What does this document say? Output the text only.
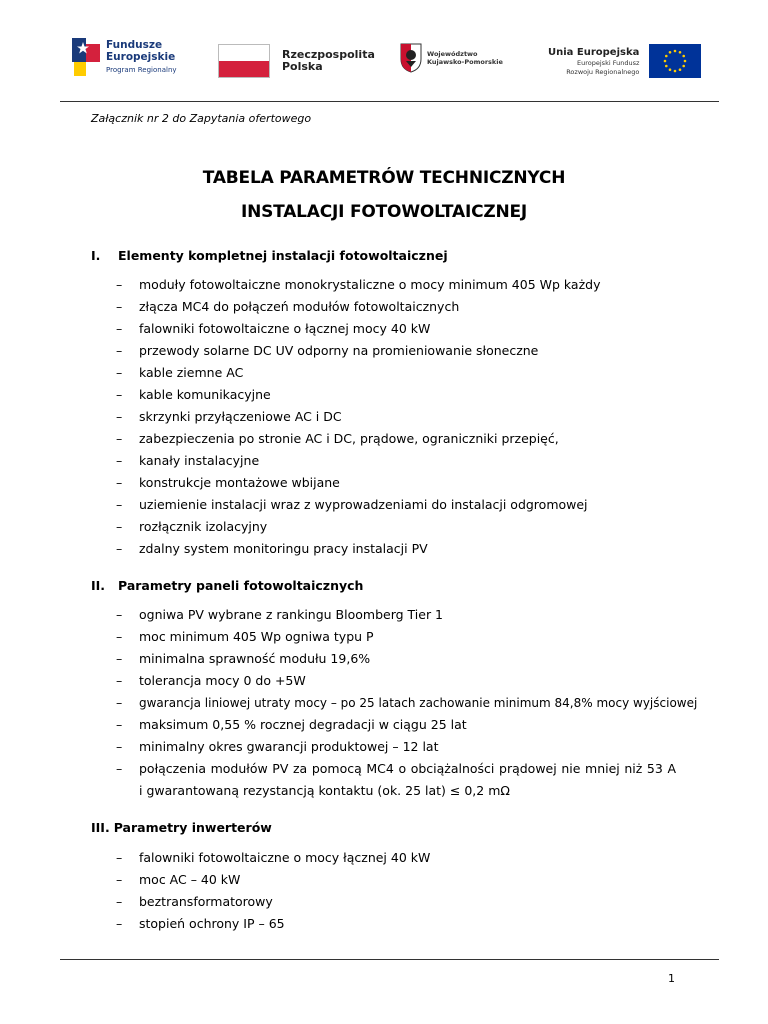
Fundusze
Europejskie
Program Regionalny
Rzeczpospolita
Polska
Województwo
Kujawsko-Pomorskie
Unia Europejska
Europejski Fundusz
Rozwoju Regionalnego
Załącznik nr 2 do Zapytania ofertowego
TABELA PARAMETRÓW TECHNICZNYCH
INSTALACJI FOTOWOLTAICZNEJ
I. Elementy kompletnej instalacji fotowoltaicznej
– moduły fotowoltaiczne monokrystaliczne o mocy minimum 405 Wp każdy
– złącza MC4 do połączeń modułów fotowoltaicznych
– falowniki fotowoltaiczne o łącznej mocy 40 kW
– przewody solarne DC UV odporny na promieniowanie słoneczne
– kable ziemne AC
– kable komunikacyjne
– skrzynki przyłączeniowe AC i DC
– zabezpieczenia po stronie AC i DC, prądowe, ograniczniki przepięć,
– kanały instalacyjne
– konstrukcje montażowe wbijane
– uziemienie instalacji wraz z wyprowadzeniami do instalacji odgromowej
– rozłącznik izolacyjny
– zdalny system monitoringu pracy instalacji PV
II. Parametry paneli fotowoltaicznych
– ogniwa PV wybrane z rankingu Bloomberg Tier 1
– moc minimum 405 Wp ogniwa typu P
– minimalna sprawność modułu 19,6%
– tolerancja mocy 0 do +5W
– gwarancja liniowej utraty mocy – po 25 latach zachowanie minimum 84,8% mocy wyjściowej
– maksimum 0,55 % rocznej degradacji w ciągu 25 lat
– minimalny okres gwarancji produktowej – 12 lat
– połączenia modułów PV za pomocą MC4 o obciążalności prądowej nie mniej niż 53 A
i gwarantowaną rezystancją kontaktu (ok. 25 lat) ≤ 0,2 mΩ
III. Parametry inwerterów
– falowniki fotowoltaiczne o mocy łącznej 40 kW
– moc AC – 40 kW
– beztransformatorowy
– stopień ochrony IP – 65
1
